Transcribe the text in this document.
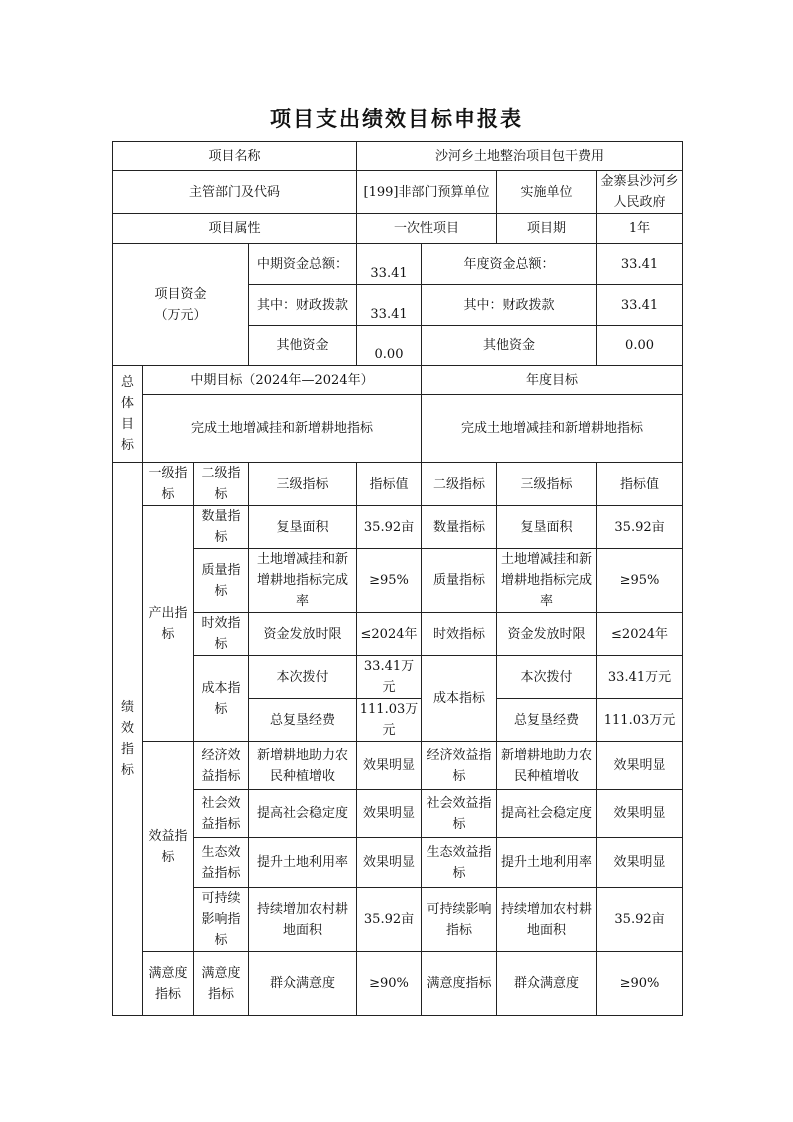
项目支出绩效目标申报表
项目名称				沙河乡土地整治项目包干费用			
主管部门及代码				[199]非部门预算单位		实施单位	金寨县沙河乡人民政府
项目属性				一次性项目		项目期	1年

项目资金
（万元）			中期资金总额：	33.41	年度资金总额：		33.41
			其中：财政拨款	33.41	其中：财政拨款		33.41
			其他资金	0.00	其他资金		0.00
总体目标	中期目标（2024年—2024年）				年度目标		
	完成土地增减挂和新增耕地指标				完成土地增减挂和新增耕地指标		
绩效指标	一级指标	二级指标	三级指标	指标值	二级指标	三级指标	指标值
	产出指标	数量指标	复垦面积	35.92亩	数量指标	复垦面积	35.92亩
		质量指标	土地增减挂和新增耕地指标完成率	≥95%	质量指标	土地增减挂和新增耕地指标完成率	≥95%
		时效指标	资金发放时限	≤2024年	时效指标	资金发放时限	≤2024年
		成本指标	本次拨付	33.41万元	成本指标	本次拨付	33.41万元
			总复垦经费	111.03万元		总复垦经费	111.03万元
	效益指标	经济效益指标	新增耕地助力农民种植增收	效果明显	经济效益指标	新增耕地助力农民种植增收	效果明显
		社会效益指标	提高社会稳定度	效果明显	社会效益指标	提高社会稳定度	效果明显
		生态效益指标	提升土地利用率	效果明显	生态效益指标	提升土地利用率	效果明显
		可持续影响指标	持续增加农村耕地面积	35.92亩	可持续影响指标	持续增加农村耕地面积	35.92亩
	满意度指标	满意度指标	群众满意度	≥90%	满意度指标	群众满意度	≥90%
